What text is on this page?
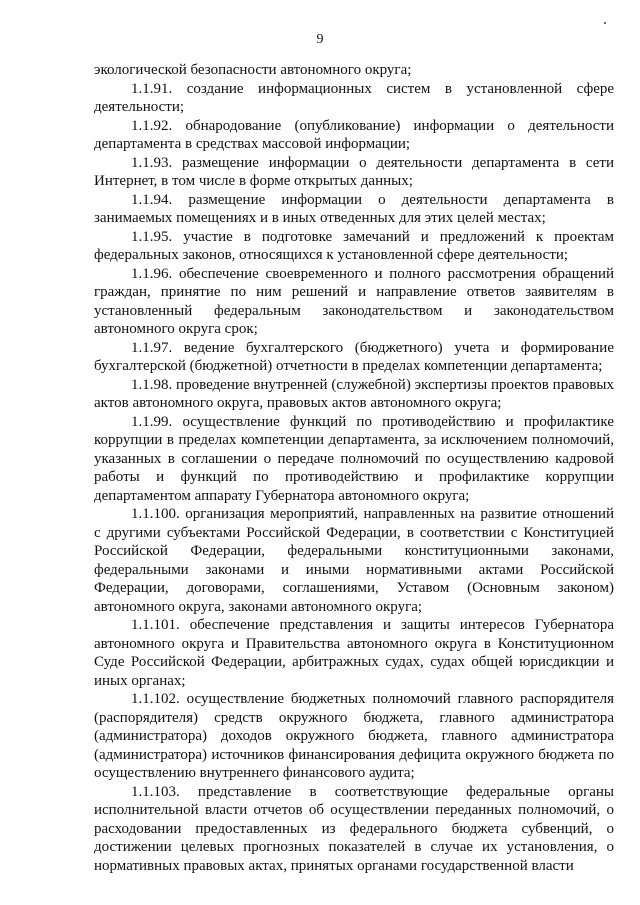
9

экологической безопасности автономного округа;

1.1.91. создание информационных систем в установленной сфере деятельности;

1.1.92. обнародование (опубликование) информации о деятельности департамента в средствах массовой информации;

1.1.93. размещение информации о деятельности департамента в сети Интернет, в том числе в форме открытых данных;

1.1.94. размещение информации о деятельности департамента в занимаемых помещениях и в иных отведенных для этих целей местах;

1.1.95. участие в подготовке замечаний и предложений к проектам федеральных законов, относящихся к установленной сфере деятельности;

1.1.96. обеспечение своевременного и полного рассмотрения обращений граждан, принятие по ним решений и направление ответов заявителям в установленный федеральным законодательством и законодательством автономного округа срок;

1.1.97. ведение бухгалтерского (бюджетного) учета и формирование бухгалтерской (бюджетной) отчетности в пределах компетенции департамента;

1.1.98. проведение внутренней (служебной) экспертизы проектов правовых актов автономного округа, правовых актов автономного округа;

1.1.99. осуществление функций по противодействию и профилактике коррупции в пределах компетенции департамента, за исключением полномочий, указанных в соглашении о передаче полномочий по осуществлению кадровой работы и функций по противодействию и профилактике коррупции департаментом аппарату Губернатора автономного округа;

1.1.100. организация мероприятий, направленных на развитие отношений с другими субъектами Российской Федерации, в соответствии с Конституцией Российской Федерации, федеральными конституционными законами, федеральными законами и иными нормативными актами Российской Федерации, договорами, соглашениями, Уставом (Основным законом) автономного округа, законами автономного округа;

1.1.101. обеспечение представления и защиты интересов Губернатора автономного округа и Правительства автономного округа в Конституционном Суде Российской Федерации, арбитражных судах, судах общей юрисдикции и иных органах;

1.1.102. осуществление бюджетных полномочий главного распорядителя (распорядителя) средств окружного бюджета, главного администратора (администратора) доходов окружного бюджета, главного администратора (администратора) источников финансирования дефицита окружного бюджета по осуществлению внутреннего финансового аудита;

1.1.103. представление в соответствующие федеральные органы исполнительной власти отчетов об осуществлении переданных полномочий, о расходовании предоставленных из федерального бюджета субвенций, о достижении целевых прогнозных показателей в случае их установления, о нормативных правовых актах, принятых органами государственной власти
